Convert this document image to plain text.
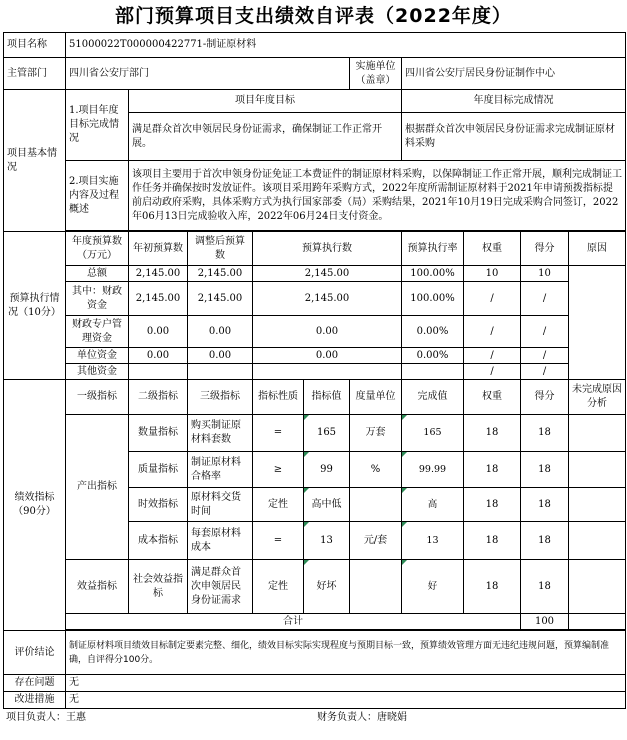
部门预算项目支出绩效自评表（2022年度）
项目名称	51000022T000000422771-制证原材料									
主管部门	四川省公安厅部门					实施单位（盖章）	四川省公安厅居民身份证制作中心			
项目基本情况	1.项目年度目标完成情况	项目年度目标					年度目标完成情况			
		满足群众首次申领居民身份证需求，确保制证工作正常开展。					根据群众首次申领居民身份证需求完成制证原材料采购			
	2.项目实施内容及过程概述	该项目主要用于首次申领身份证免证工本费证件的制证原材料采购，以保障制证工作正常开展，顺利完成制证工作任务并确保按时发放证件。该项目采用跨年采购方式，2022年度所需制证原材料于2021年申请预拨指标提前启动政府采购，具体采购方式为执行国家部委（局）采购结果，2021年10月19日完成采购合同签订，2022年06月13日完成验收入库，2022年06月24日支付资金。								

预算执行情况（10分）	年度预算数（万元）	年初预算数	调整后预算数	预算执行数			预算执行率	权重	得分	原因
	总额	2,145.00	2,145.00	2,145.00			100.00%	10	10	
	其中：财政资金	2,145.00	2,145.00	2,145.00			100.00%	/	/	
	财政专户管理资金	0.00	0.00	0.00			0.00%	/	/	
	单位资金	0.00	0.00	0.00			0.00%	/	/	
	其他资金							/	/	
绩效指标（90分）	一级指标	二级指标	三级指标	指标性质	指标值	度量单位	完成值	权重	得分	未完成原因分析
	产出指标	数量指标	购买制证原材料套数	=	165	万套	165	18	18	
		质量指标	制证原材料合格率	≥	99	%	99.99	18	18	
		时效指标	原材料交货时间	定性	高中低		高	18	18	
		成本指标	每套原材料成本	=	13	元/套	13	18	18	
	效益指标	社会效益指标	满足群众首次申领居民身份证需求	定性	好坏		好	18	18	
	合计								100	

评价结论	制证原材料项目绩效目标制定要素完整、细化，绩效目标实际实现程度与预期目标一致，预算绩效管理方面无违纪违规问题，预算编制准确，自评得分100分。									
存在问题	无									
改进措施	无									
项目负责人：王惠	财务负责人：唐晓娟
